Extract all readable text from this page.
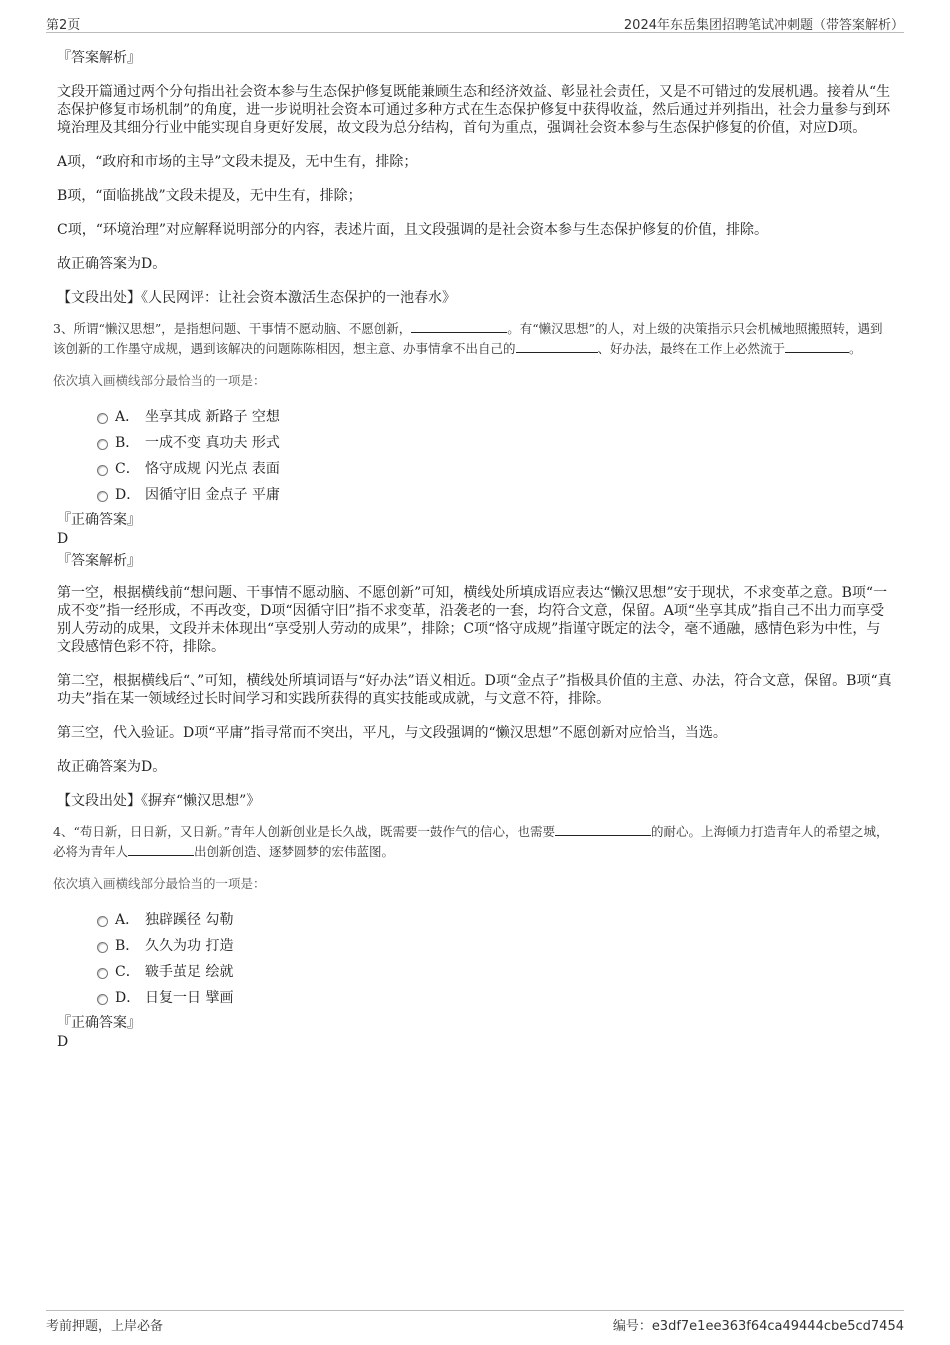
第2页	2024年东岳集团招聘笔试冲刺题（带答案解析）

『答案解析』

文段开篇通过两个分句指出社会资本参与生态保护修复既能兼顾生态和经济效益、彰显社会责任，又是不可错过的发展机遇。接着从“生态保护修复市场机制”的角度，进一步说明社会资本可通过多种方式在生态保护修复中获得收益，然后通过并列指出，社会力量参与到环境治理及其细分行业中能实现自身更好发展，故文段为总分结构，首句为重点，强调社会资本参与生态保护修复的价值，对应D项。

A项，“政府和市场的主导”文段未提及，无中生有，排除；

B项，“面临挑战”文段未提及，无中生有，排除；

C项，“环境治理”对应解释说明部分的内容，表述片面，且文段强调的是社会资本参与生态保护修复的价值，排除。

故正确答案为D。

【文段出处】《人民网评：让社会资本激活生态保护的一池春水》

3、所谓“懒汉思想”，是指想问题、干事情不愿动脑、不愿创新，	。有“懒汉思想”的人，对上级的决策指示只会机械地照搬照转，遇到该创新的工作墨守成规，遇到该解决的问题陈陈相因，想主意、办事情拿不出自己的	、好办法，最终在工作上必然流于	。

依次填入画横线部分最恰当的一项是：

A． 坐享其成 新路子 空想
B． 一成不变 真功夫 形式
C． 恪守成规 闪光点 表面
D． 因循守旧 金点子 平庸

『正确答案』

D

『答案解析』

第一空，根据横线前“想问题、干事情不愿动脑、不愿创新”可知，横线处所填成语应表达“懒汉思想”安于现状，不求变革之意。B项“一成不变”指一经形成，不再改变，D项“因循守旧”指不求变革，沿袭老的一套，均符合文意，保留。A项“坐享其成”指自己不出力而享受别人劳动的成果，文段并未体现出“享受别人劳动的成果”，排除；C项“恪守成规”指谨守既定的法令，毫不通融，感情色彩为中性，与文段感情色彩不符，排除。

第二空，根据横线后“、”可知，横线处所填词语与“好办法”语义相近。D项“金点子”指极具价值的主意、办法，符合文意，保留。B项“真功夫”指在某一领域经过长时间学习和实践所获得的真实技能或成就，与文意不符，排除。

第三空，代入验证。D项“平庸”指寻常而不突出，平凡，与文段强调的“懒汉思想”不愿创新对应恰当，当选。

故正确答案为D。

【文段出处】《摒弃“懒汉思想”》

4、“苟日新，日日新，又日新。”青年人创新创业是长久战，既需要一鼓作气的信心，也需要	的耐心。上海倾力打造青年人的希望之城，必将为青年人	出创新创造、逐梦圆梦的宏伟蓝图。

依次填入画横线部分最恰当的一项是：

A． 独辟蹊径 勾勒
B． 久久为功 打造
C． 皲手茧足 绘就
D． 日复一日 擘画

『正确答案』

D

考前押题，上岸必备	编号：e3df7e1ee363f64ca49444cbe5cd7454
